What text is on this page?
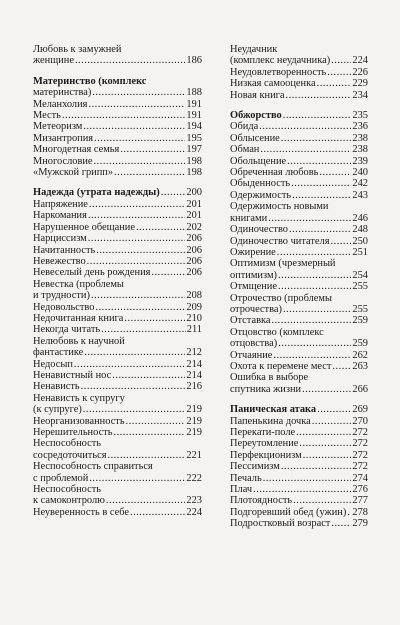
Любовь к замужней
женщине .....	186
Материнство (комплекс
материнства) .....	188
Меланхолия .....	191
Месть .....	191
Метеоризм .....	194
Мизантропия .....	195
Многодетная семья .....	197
Многословие .....	198
«Мужской грипп» .....	198
Надежда (утрата надежды) .....	200
Напряжение .....	201
Наркомания .....	201
Нарушенное обещание .....	202
Нарциссизм .....	206
Начитанность .....	206
Невежество .....	206
Невеселый день рождения .....	206
Невестка (проблемы
и трудности) .....	208
Недовольство .....	209
Недочитанная книга .....	210
Некогда читать .....	211
Нелюбовь к научной
фантастике .....	212
Недосып .....	214
Ненавистный нос .....	214
Ненависть .....	216
Ненависть к супругу
(к супруге) .....	219
Неорганизованность .....	219
Нерешительность .....	219
Неспособность
сосредоточиться .....	221
Неспособность справиться
с проблемой .....	222
Неспособность
к самоконтролю .....	223
Неуверенность в себе .....	224
Неудачник
(комплекс неудачника) ..... 224
Неудовлетворенность .....	226
Низкая самооценка .....	229
Новая книга .....	234
Обжорство .....	235
Обида .....	236
Облысение .....	238
Обман .....	238
Обольщение .....	239
Обреченная любовь .....	240
Обыденность .....	242
Одержимость .....	243
Одержимость новыми
книгами .....	246
Одиночество .....	248
Одиночество читателя ..... 250
Ожирение .....	251
Оптимизм (чрезмерный
оптимизм) .....	254
Отмщение .....	255
Отрочество (проблемы
отрочества) .....	255
Отставка .....	259
Отцовство (комплекс
отцовства) .....	259
Отчаяние .....	262
Охота к перемене мест ..... 263
Ошибка в выборе
спутника жизни .....	266
Паническая атака .....	269
Папенькина дочка .....	270
Перекати-поле .....	272
Переутомление .....	272
Перфекционизм .....	272
Пессимизм .....	272
Печаль .....	274
Плач .....	276
Плотоядность .....	277
Подгоревший обед (ужин) ..... 278
Подростковый возраст ..... 279
